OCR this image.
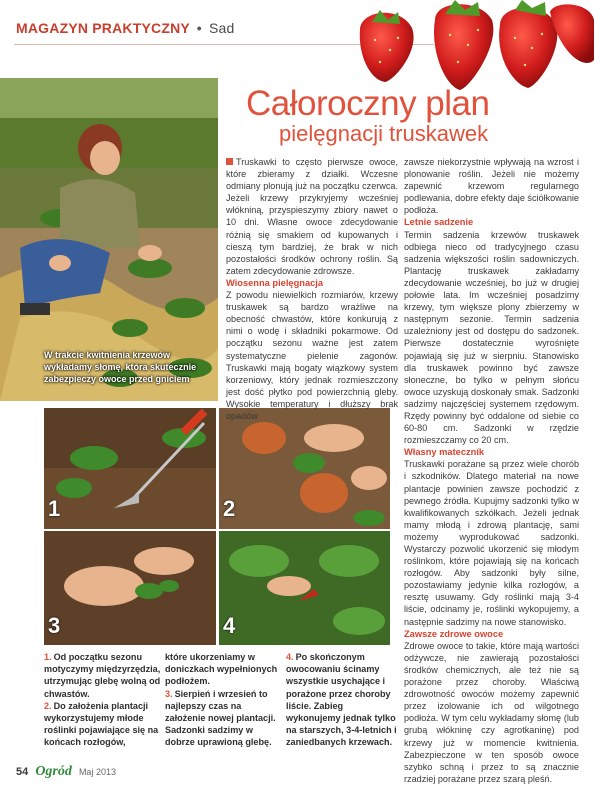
MAGAZYN PRAKTYCZNY • Sad
Całoroczny plan
pielęgnacji truskawek
W trakcie kwitnienia krzewów wykładamy słomę, która skutecznie zabezpieczy owoce przed gniciem
1	2
3	4

Truskawki to często pierwsze owoce, które zbieramy z działki. Wczesne odmiany plonują już na początku czerwca. Jeżeli krzewy przykryjemy wcześniej włókniną, przyspieszymy zbiory nawet o 10 dni. Własne owoce zdecydowanie różnią się smakiem od kupowanych i cieszą tym bardziej, że brak w nich pozostałości środków ochrony roślin. Są zatem zdecydowanie zdrowsze.

Wiosenna pielęgnacja

Z powodu niewielkich rozmiarów, krzewy truskawek są bardzo wrażliwe na obecność chwastów, które konkurują z nimi o wodę i składniki pokarmowe. Od początku sezonu ważne jest zatem systematyczne pielenie zagonów. Truskawki mają bogaty wiązkowy system korzeniowy, który jednak rozmieszczony jest dość płytko pod powierzchnią gleby. Wysokie temperatury i dłuższy brak opadów

zawsze niekorzystnie wpływają na wzrost i plonowanie roślin. Jeżeli nie możemy zapewnić krzewom regularnego podlewania, dobre efekty daje ściółkowanie podłoża.

Letnie sadzenie

Termin sadzenia krzewów truskawek odbiega nieco od tradycyjnego czasu sadzenia większości roślin sadowniczych. Plantację truskawek zakładamy zdecydowanie wcześniej, bo już w drugiej połowie lata. Im wcześniej posadzimy krzewy, tym większe plony zbierzemy w następnym sezonie. Termin sadzenia uzależniony jest od dostępu do sadzonek. Pierwsze dostatecznie wyrośnięte pojawiają się już w sierpniu. Stanowisko dla truskawek powinno być zawsze słoneczne, bo tylko w pełnym słońcu owoce uzyskują doskonały smak. Sadzonki sadzimy najczęściej systemem rzędowym. Rzędy powinny być oddalone od siebie co 60-80 cm. Sadzonki w rzędzie rozmieszczamy co 20 cm.

Własny mateczník

Truskawki porażane są przez wiele chorób i szkodników. Dlatego materiał na nowe plantacje powinien zawsze pochodzić z pewnego źródła. Kupujmy sadzonki tylko w kwalifikowanych szkółkach. Jeżeli jednak mamy młodą i zdrową plantację, sami możemy wyprodukować sadzonki. Wystarczy pozwolić ukorzenić się młodym roślinkom, które pojawiają się na końcach rozłogów. Aby sadzonki były silne, pozostawiamy jedynie kilka rozłogów, a resztę usuwamy. Gdy roślinki mają 3-4 liście, odcinamy je, roślinki wykopujemy, a następnie sadzimy na nowe stanowisko.

Zawsze zdrowe owoce

Zdrowe owoce to takie, które mają wartości odżywcze, nie zawierają pozostałości środków chemicznych, ale też nie są porażone przez choroby. Właściwą zdrowotność owoców możemy zapewnić przez izolowanie ich od wilgotnego podłoża. W tym celu wykładamy słomę (lub grubą włókninę czy agrotkaninę) pod krzewy już w momencie kwitnienia. Zabezpieczone w ten sposób owoce szybko schną i przez to są znacznie rzadziej porażane przez szarą pleśń.

1. Od początku sezonu motyczymy międzyrzędzia, utrzymując glebę wolną od chwastów.

2. Do założenia plantacji wykorzystujemy młode roślinki pojawiające się na końcach rozłogów,

które ukorzeniamy w doniczkach wypełnionych podłożem.

3. Sierpień i wrzesień to najlepszy czas na założenie nowej plantacji. Sadzonki sadzimy w dobrze uprawioną glebę.

4. Po skończonym owocowaniu ścinamy wszystkie usychające i porażone przez choroby liście. Zabieg wykonujemy jednak tylko na starszych, 3-4-letnich i zaniedbanych krzewach.

54 Ogród Maj 2013
